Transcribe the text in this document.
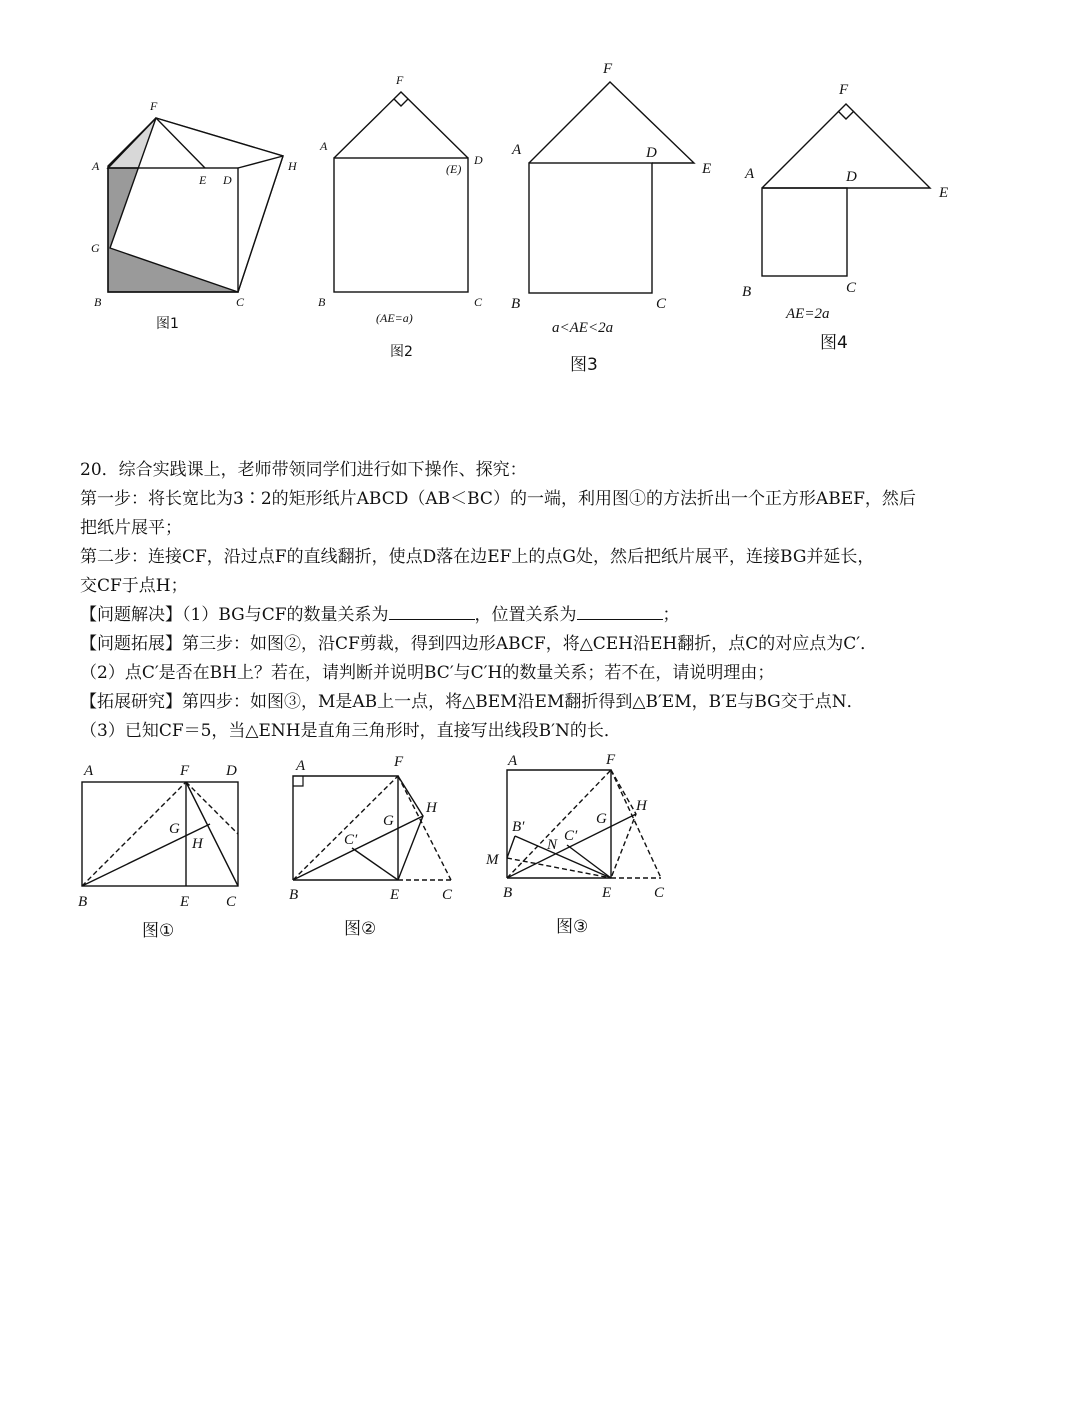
F
A
E D
H
G
B	C
图1
F
A
(E)
D
B	C
(AE=a)
图2
F
A	D
E
B	C
a<AE<2a
图3
F
A	D
E
B	C
AE=2a
图4
20．综合实践课上，老师带领同学们进行如下操作、探究：
第一步：将长宽比为3∶2的矩形纸片ABCD（AB＜BC）的一端，利用图①的方法折出一个正方形ABEF，然后
把纸片展平；
第二步：连接CF，沿过点F的直线翻折，使点D落在边EF上的点G处，然后把纸片展平，连接BG并延长，
交CF于点H；
【问题解决】（1）BG与CF的数量关系为	，位置关系为	；
【问题拓展】第三步：如图②，沿CF剪裁，得到四边形ABCF，将△CEH沿EH翻折，点C的对应点为C′．
（2）点C′是否在BH上？若在，请判断并说明BC′与C′H的数量关系；若不在，请说明理由；
【拓展研究】第四步：如图③，M是AB上一点，将△BEM沿EM翻折得到△B′EM，B′E与BG交于点N．
（3）已知CF＝5，当△ENH是直角三角形时，直接写出线段B′N的长．
A	F D
G
H
B	E C
图①
A	F
H
G
C′
B	E	C
图②
A	F
H
G
B′
N
C′
M
B	E	C
图③
